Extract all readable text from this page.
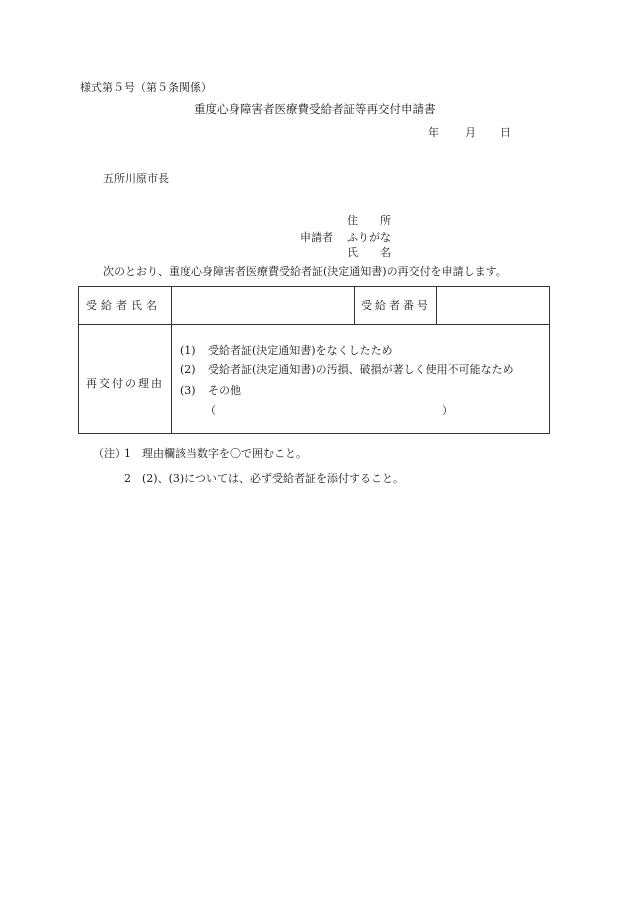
様式第５号（第５条関係）
重度心身障害者医療費受給者証等再交付申請書
年 月 日
五所川原市長
申請者
住 所
ふりがな
氏 名
次のとおり、重度心身障害者医療費受給者証(決定通知書)の再交付を申請します。
受給者氏名	受給者番号
再交付の理由
(1) 受給者証(決定通知書)をなくしたため
(2) 受給者証(決定通知書)の汚損、破損が著しく使用不可能なため
(3) その他
（	）
（注）
1 理由欄該当数字を〇で囲むこと。
2 (2)、(3)については、必ず受給者証を添付すること。
